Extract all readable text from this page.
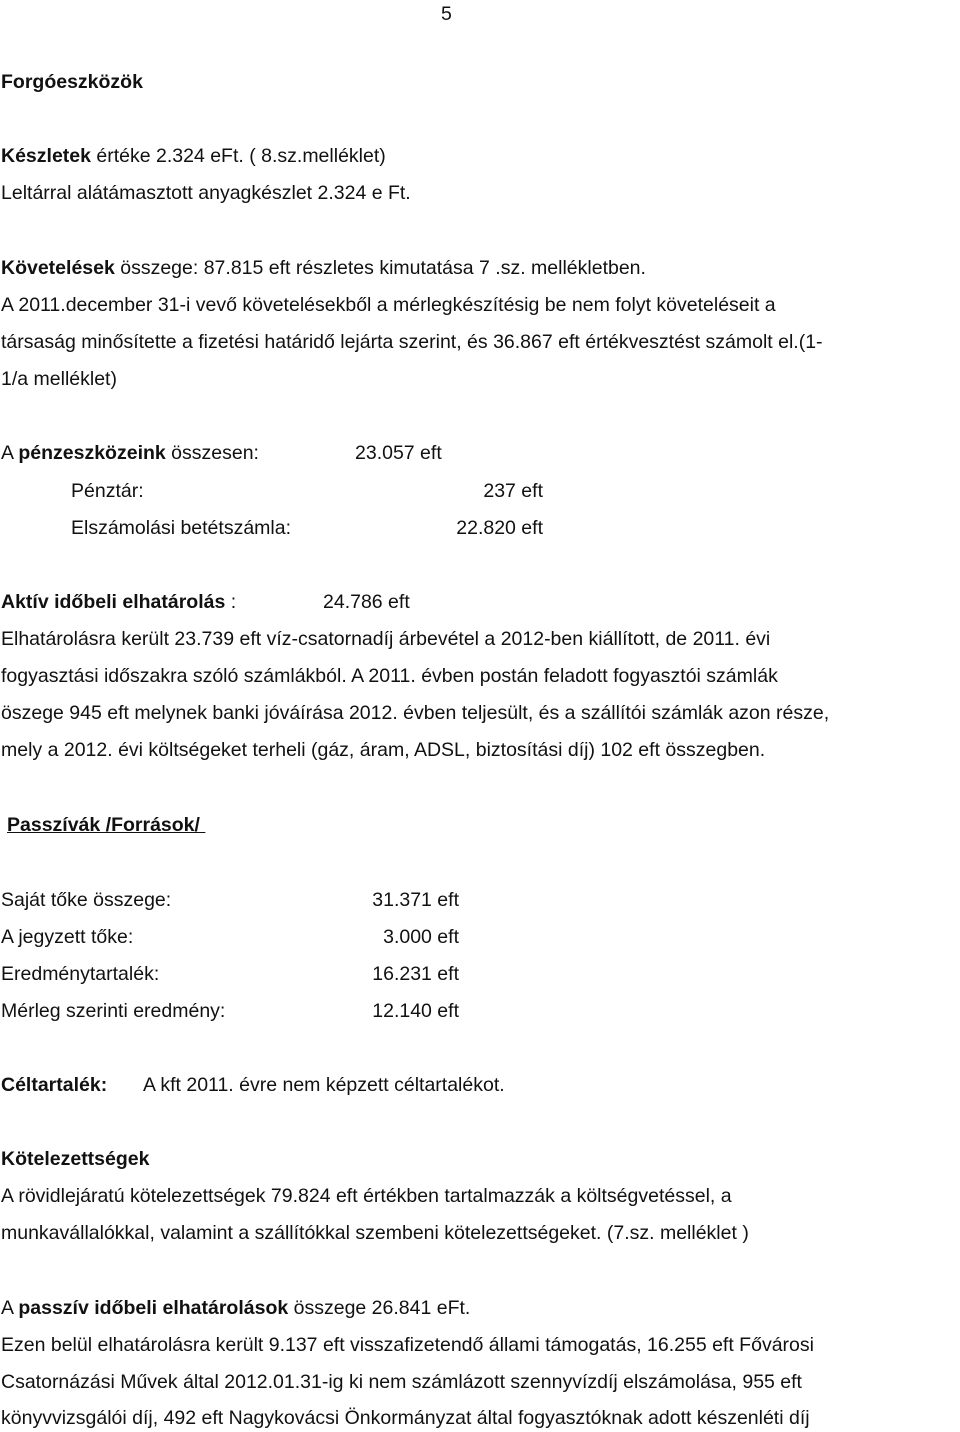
5
Forgóeszközök
Készletek értéke 2.324 eFt. ( 8.sz.melléklet)
Leltárral alátámasztott anyagkészlet 2.324 e Ft.
Követelések összege: 87.815 eft részletes kimutatása 7 .sz. mellékletben.
A 2011.december 31-i vevő követelésekből a mérlegkészítésig be nem folyt követeléseit a
társaság minősítette a fizetési határidő lejárta szerint, és 36.867 eft értékvesztést számolt el.(1-
1/a melléklet)
A pénzeszközeink összesen:	23.057 eft
Pénztár:	237 eft
Elszámolási betétszámla:	22.820 eft
Aktív időbeli elhatárolás :	24.786 eft
Elhatárolásra került 23.739 eft víz-csatornadíj árbevétel a 2012-ben kiállított, de 2011. évi
fogyasztási időszakra szóló számlákból. A 2011. évben postán feladott fogyasztói számlák
öszege 945 eft melynek banki jóváírása 2012. évben teljesült, és a szállítói számlák azon része,
mely a 2012. évi költségeket terheli (gáz, áram, ADSL, biztosítási díj) 102 eft összegben.
Passzívák /Források/
Saját tőke összege:	31.371 eft
A jegyzett tőke:	3.000 eft
Eredménytartalék:	16.231 eft
Mérleg szerinti eredmény:	12.140 eft
Céltartalék: A kft 2011. évre nem képzett céltartalékot.
Kötelezettségek
A rövidlejáratú kötelezettségek 79.824 eft értékben tartalmazzák a költségvetéssel, a
munkavállalókkal, valamint a szállítókkal szembeni kötelezettségeket. (7.sz. melléklet )
A passzív időbeli elhatárolások összege 26.841 eFt.
Ezen belül elhatárolásra került 9.137 eft visszafizetendő állami támogatás, 16.255 eft Fővárosi
Csatornázási Művek által 2012.01.31-ig ki nem számlázott szennyvízdíj elszámolása, 955 eft
könyvvizsgálói díj, 492 eft Nagykovácsi Önkormányzat által fogyasztóknak adott készenléti díj
